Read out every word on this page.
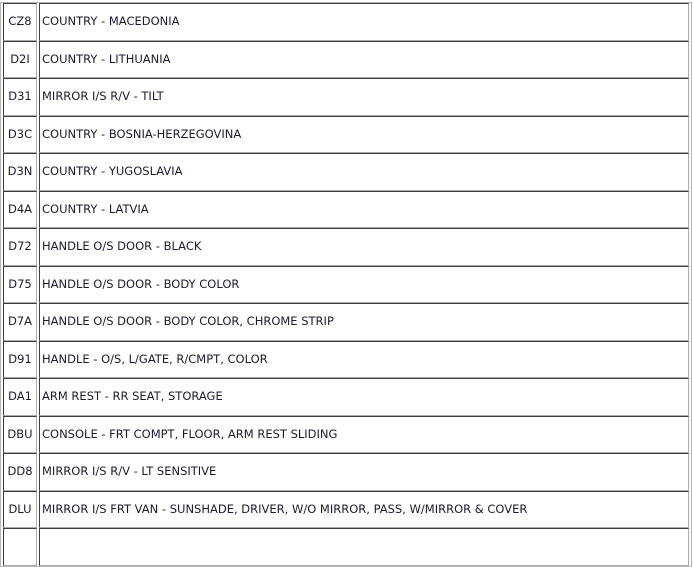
CZ8	COUNTRY - MACEDONIA
D2I	COUNTRY - LITHUANIA
D31	MIRROR I/S R/V - TILT
D3C	COUNTRY - BOSNIA-HERZEGOVINA
D3N	COUNTRY - YUGOSLAVIA
D4A	COUNTRY - LATVIA
D72	HANDLE O/S DOOR - BLACK
D75	HANDLE O/S DOOR - BODY COLOR
D7A	HANDLE O/S DOOR - BODY COLOR, CHROME STRIP
D91	HANDLE - O/S, L/GATE, R/CMPT, COLOR
DA1	ARM REST - RR SEAT, STORAGE
DBU	CONSOLE - FRT COMPT, FLOOR, ARM REST SLIDING
DD8	MIRROR I/S R/V - LT SENSITIVE
DLU	MIRROR I/S FRT VAN - SUNSHADE, DRIVER, W/O MIRROR, PASS, W/MIRROR & COVER
